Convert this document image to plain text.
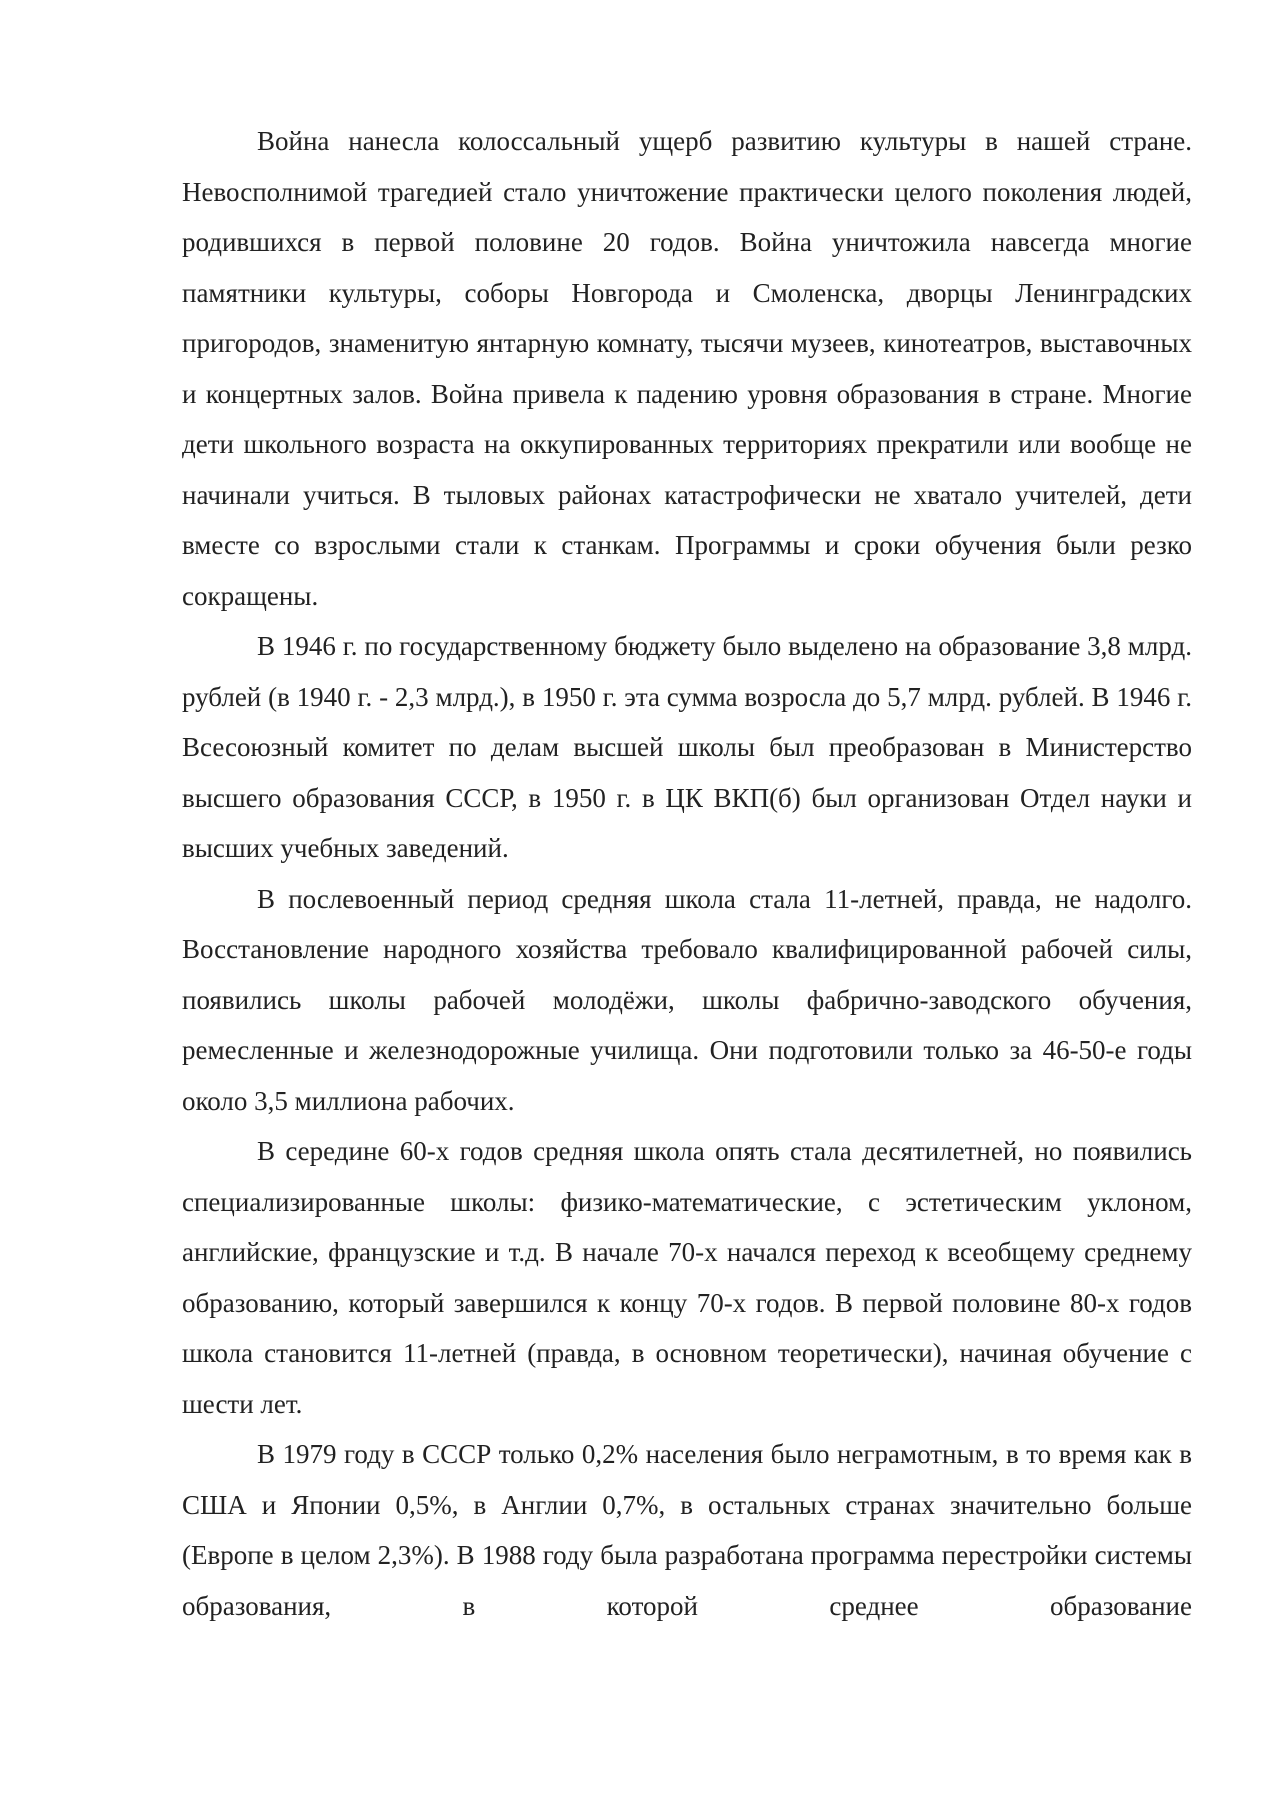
Война нанесла колоссальный ущерб развитию культуры в нашей стране. Невосполнимой трагедией стало уничтожение практически целого поколения людей, родившихся в первой половине 20 годов. Война уничтожила навсегда многие памятники культуры, соборы Новгорода и Смоленска, дворцы Ленинградских пригородов, знаменитую янтарную комнату, тысячи музеев, кинотеатров, выставочных и концертных залов. Война привела к падению уровня образования в стране. Многие дети школьного возраста на оккупированных территориях прекратили или вообще не начинали учиться. В тыловых районах катастрофически не хватало учителей, дети вместе со взрослыми стали к станкам. Программы и сроки обучения были резко сокращены.

В 1946 г. по государственному бюджету было выделено на образование 3,8 млрд. рублей (в 1940 г. - 2,3 млрд.), в 1950 г. эта сумма возросла до 5,7 млрд. рублей. В 1946 г. Всесоюзный комитет по делам высшей школы был преобразован в Министерство высшего образования СССР, в 1950 г. в ЦК ВКП(б) был организован Отдел науки и высших учебных заведений.

В послевоенный период средняя школа стала 11-летней, правда, не надолго. Восстановление народного хозяйства требовало квалифицированной рабочей силы, появились школы рабочей молодёжи, школы фабрично-заводского обучения, ремесленные и железнодорожные училища. Они подготовили только за 46-50-е годы около 3,5 миллиона рабочих.

В середине 60-х годов средняя школа опять стала десятилетней, но появились специализированные школы: физико-математические, с эстетическим уклоном, английские, французские и т.д. В начале 70-х начался переход к всеобщему среднему образованию, который завершился к концу 70-х годов. В первой половине 80-х годов школа становится 11-летней (правда, в основном теоретически), начиная обучение с шести лет.

В 1979 году в СССР только 0,2% населения было неграмотным, в то время как в США и Японии 0,5%, в Англии 0,7%, в остальных странах значительно больше (Европе в целом 2,3%). В 1988 году была разработана программа перестройки системы образования, в которой среднее образование
